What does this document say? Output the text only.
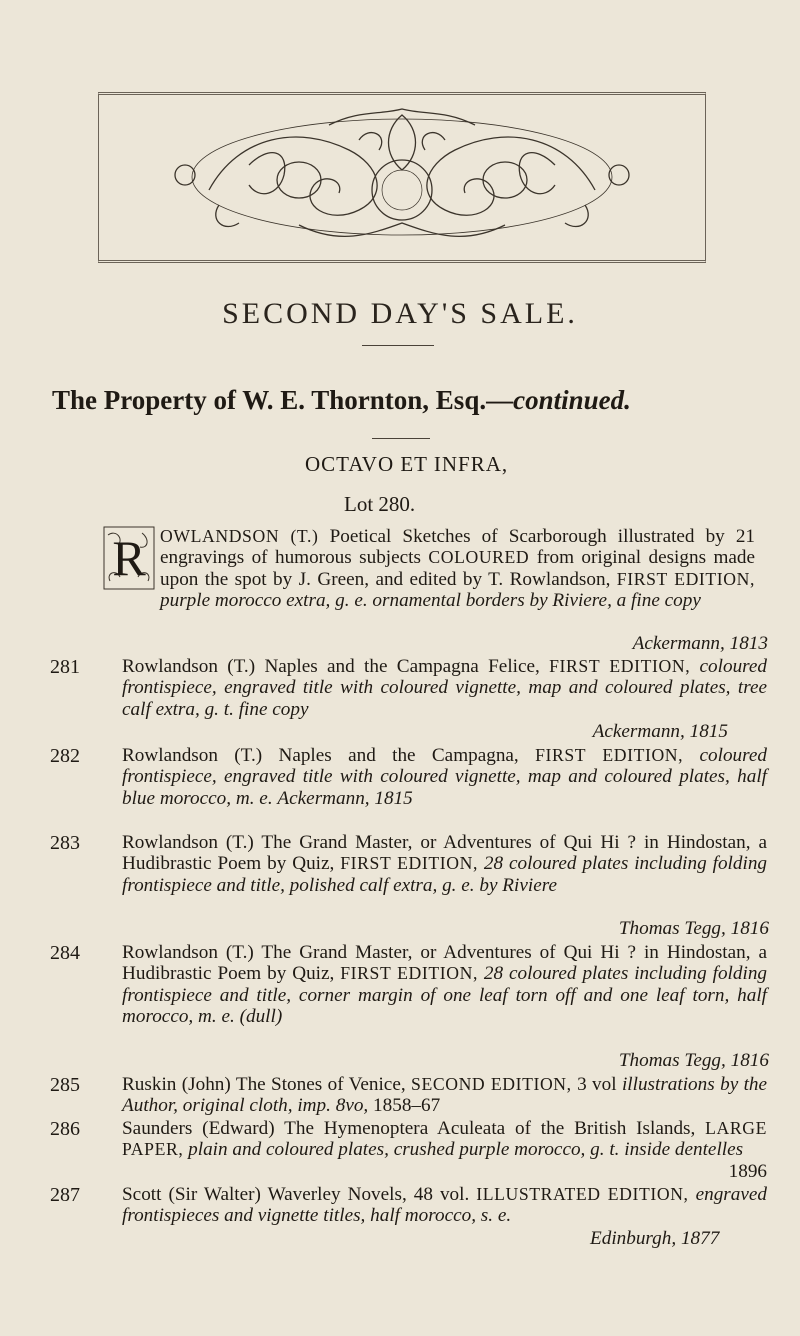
SECOND DAY'S SALE.
The Property of W. E. Thornton, Esq.—continued.
OCTAVO ET INFRA,
Lot 280.
R OWLANDSON (T.) Poetical Sketches of Scarborough illustrated by 21 engravings of humorous subjects COLOURED from original designs made upon the spot by J. Green, and edited by T. Rowlandson, FIRST EDITION, purple morocco extra, g. e. ornamental borders by Riviere, a fine copy
Ackermann, 1813
281 Rowlandson (T.) Naples and the Campagna Felice, FIRST EDITION, coloured frontispiece, engraved title with coloured vignette, map and coloured plates, tree calf extra, g. t. fine copy
Ackermann, 1815
282 Rowlandson (T.) Naples and the Campagna, FIRST EDITION, coloured frontispiece, engraved title with coloured vignette, map and coloured plates, half blue morocco, m. e. Ackermann, 1815
283 Rowlandson (T.) The Grand Master, or Adventures of Qui Hi ? in Hindostan, a Hudibrastic Poem by Quiz, FIRST EDITION, 28 coloured plates including folding frontispiece and title, polished calf extra, g. e. by Riviere
Thomas Tegg, 1816
284 Rowlandson (T.) The Grand Master, or Adventures of Qui Hi ? in Hindostan, a Hudibrastic Poem by Quiz, FIRST EDITION, 28 coloured plates including folding frontispiece and title, corner margin of one leaf torn off and one leaf torn, half morocco, m. e. (dull)
Thomas Tegg, 1816
285 Ruskin (John) The Stones of Venice, SECOND EDITION, 3 vol illustrations by the Author, original cloth, imp. 8vo, 1858–67
286 Saunders (Edward) The Hymenoptera Aculeata of the British Islands, LARGE PAPER, plain and coloured plates, crushed purple morocco, g. t. inside dentelles
1896
287 Scott (Sir Walter) Waverley Novels, 48 vol. ILLUSTRATED EDITION, engraved frontispieces and vignette titles, half morocco, s. e.
Edinburgh, 1877
